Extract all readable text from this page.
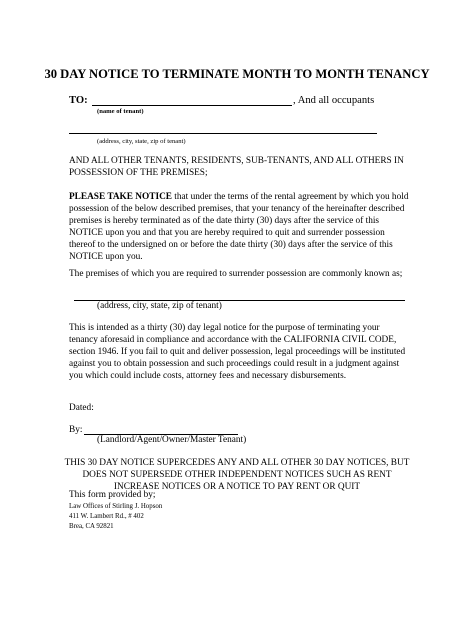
30 DAY NOTICE TO TERMINATE MONTH TO MONTH TENANCY
TO:	, And all occupants
(name of tenant)
(address, city, state, zip of tenant)
AND ALL OTHER TENANTS, RESIDENTS, SUB-TENANTS, AND ALL OTHERS IN POSSESSION OF THE PREMISES;
PLEASE TAKE NOTICE that under the terms of the rental agreement by which you hold possession of the below described premises, that your tenancy of the hereinafter described premises is hereby terminated as of the date thirty (30) days after the service of this NOTICE upon you and that you are hereby required to quit and surrender possession thereof to the undersigned on or before the date thirty (30) days after the service of this NOTICE upon you.
The premises of which you are required to surrender possession are commonly known as;
(address, city, state, zip of tenant)
This is intended as a thirty (30) day legal notice for the purpose of terminating your tenancy aforesaid in compliance and accordance with the CALIFORNIA CIVIL CODE, section 1946. If you fail to quit and deliver possession, legal proceedings will be instituted against you to obtain possession and such proceedings could result in a judgment against you which could include costs, attorney fees and necessary disbursements.
Dated:
By:
(Landlord/Agent/Owner/Master Tenant)
THIS 30 DAY NOTICE SUPERCEDES ANY AND ALL OTHER 30 DAY NOTICES, BUT DOES NOT SUPERSEDE OTHER INDEPENDENT NOTICES SUCH AS RENT INCREASE NOTICES OR A NOTICE TO PAY RENT OR QUIT
This form provided by;
Law Offices of Stirling J. Hopson
411 W. Lambert Rd., # 402
Brea, CA 92821
